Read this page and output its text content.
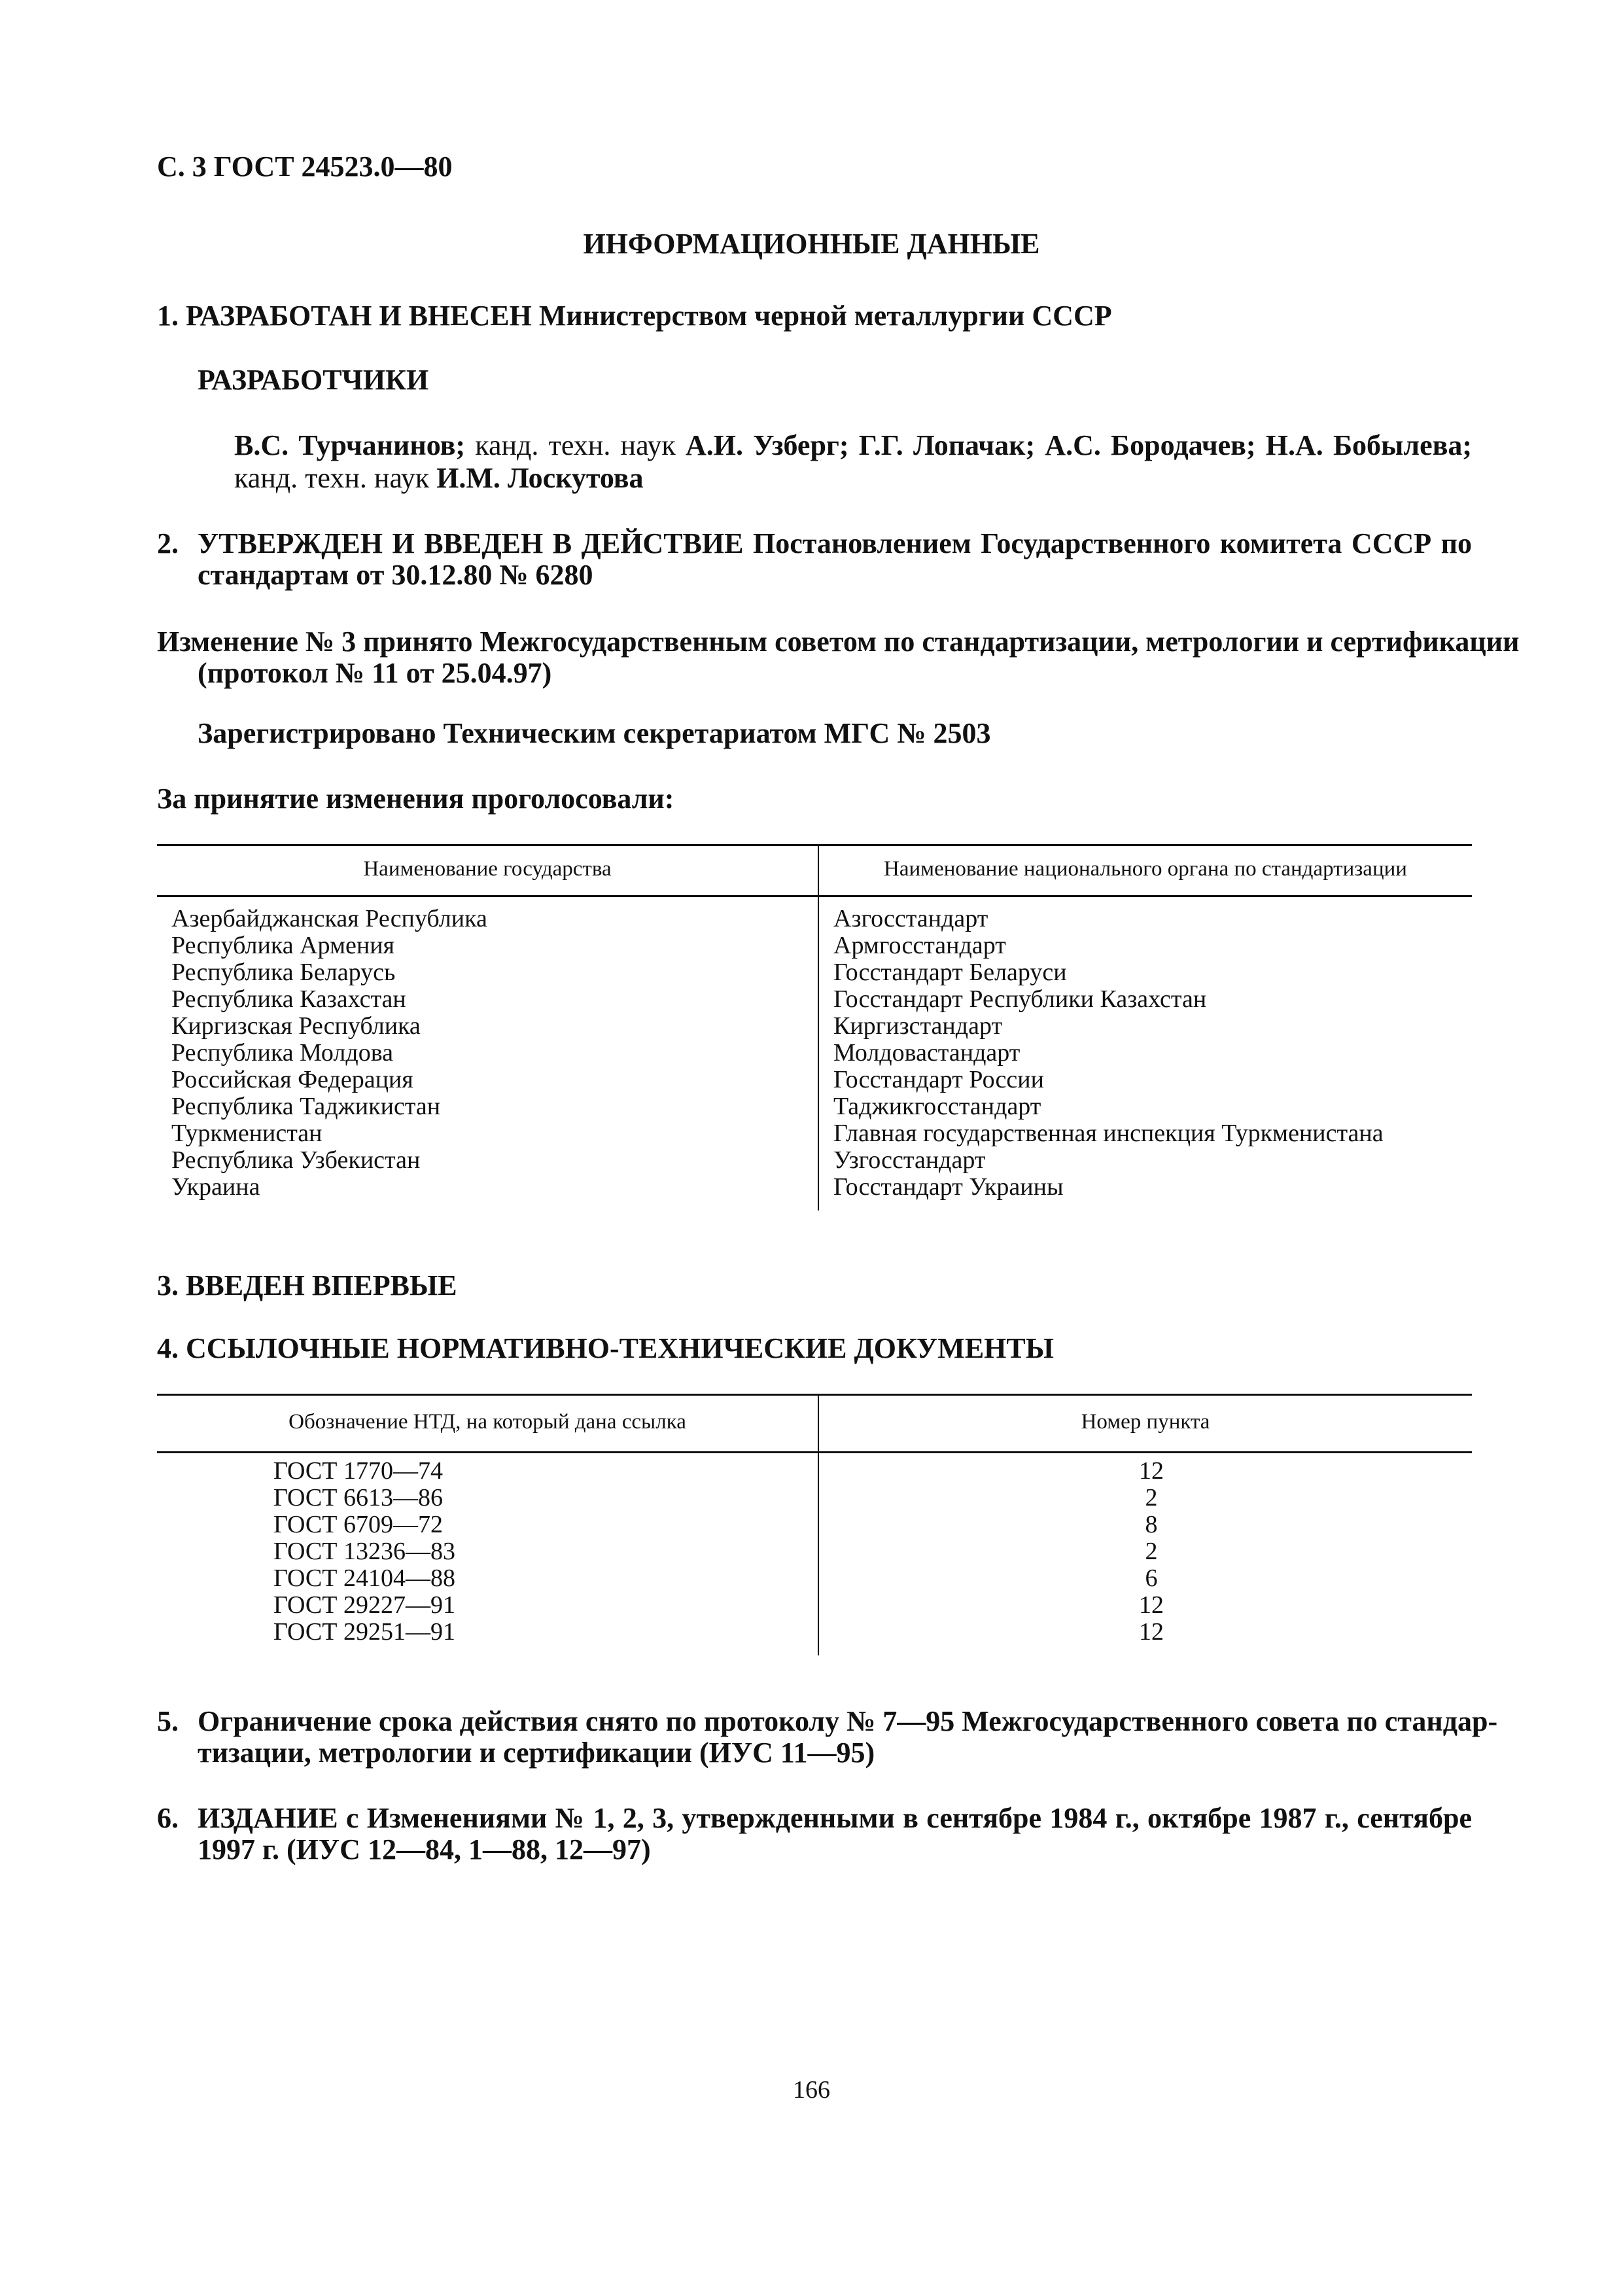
С. 3 ГОСТ 24523.0—80
ИНФОРМАЦИОННЫЕ ДАННЫЕ
1. РАЗРАБОТАН И ВНЕСЕН Министерством черной металлургии СССР
РАЗРАБОТЧИКИ
В.С. Турчанинов; канд. техн. наук А.И. Узберг; Г.Г. Лопачак; А.С. Бородачев; Н.А. Бобылева;
канд. техн. наук И.М. Лоскутова
2. УТВЕРЖДЕН И ВВЕДЕН В ДЕЙСТВИЕ Постановлением Государственного комитета СССР по
стандартам от 30.12.80 № 6280
Изменение № 3 принято Межгосударственным советом по стандартизации, метрологии и сертификации
(протокол № 11 от 25.04.97)
Зарегистрировано Техническим секретариатом МГС № 2503
За принятие изменения проголосовали:
Наименование государства	Наименование национального органа по стандартизации
Азербайджанская Республика
Республика Армения
Республика Беларусь
Республика Казахстан
Киргизская Республика
Республика Молдова
Российская Федерация
Республика Таджикистан
Туркменистан
Республика Узбекистан
Украина
Азгосстандарт
Армгосстандарт
Госстандарт Беларуси
Госстандарт Республики Казахстан
Киргизстандарт
Молдовастандарт
Госстандарт России
Таджикгосстандарт
Главная государственная инспекция Туркменистана
Узгосстандарт
Госстандарт Украины
3. ВВЕДЕН ВПЕРВЫЕ
4. ССЫЛОЧНЫЕ НОРМАТИВНО-ТЕХНИЧЕСКИЕ ДОКУМЕНТЫ
Обозначение НТД, на который дана ссылка	Номер пункта
ГОСТ 1770—74
ГОСТ 6613—86
ГОСТ 6709—72
ГОСТ 13236—83
ГОСТ 24104—88
ГОСТ 29227—91
ГОСТ 29251—91
12
2
8
2
6
12
12
5. Ограничение срока действия снято по протоколу № 7—95 Межгосударственного совета по стандар-
тизации, метрологии и сертификации (ИУС 11—95)
6. ИЗДАНИЕ с Изменениями № 1, 2, 3, утвержденными в сентябре 1984 г., октябре 1987 г., сентябре
1997 г. (ИУС 12—84, 1—88, 12—97)
166
